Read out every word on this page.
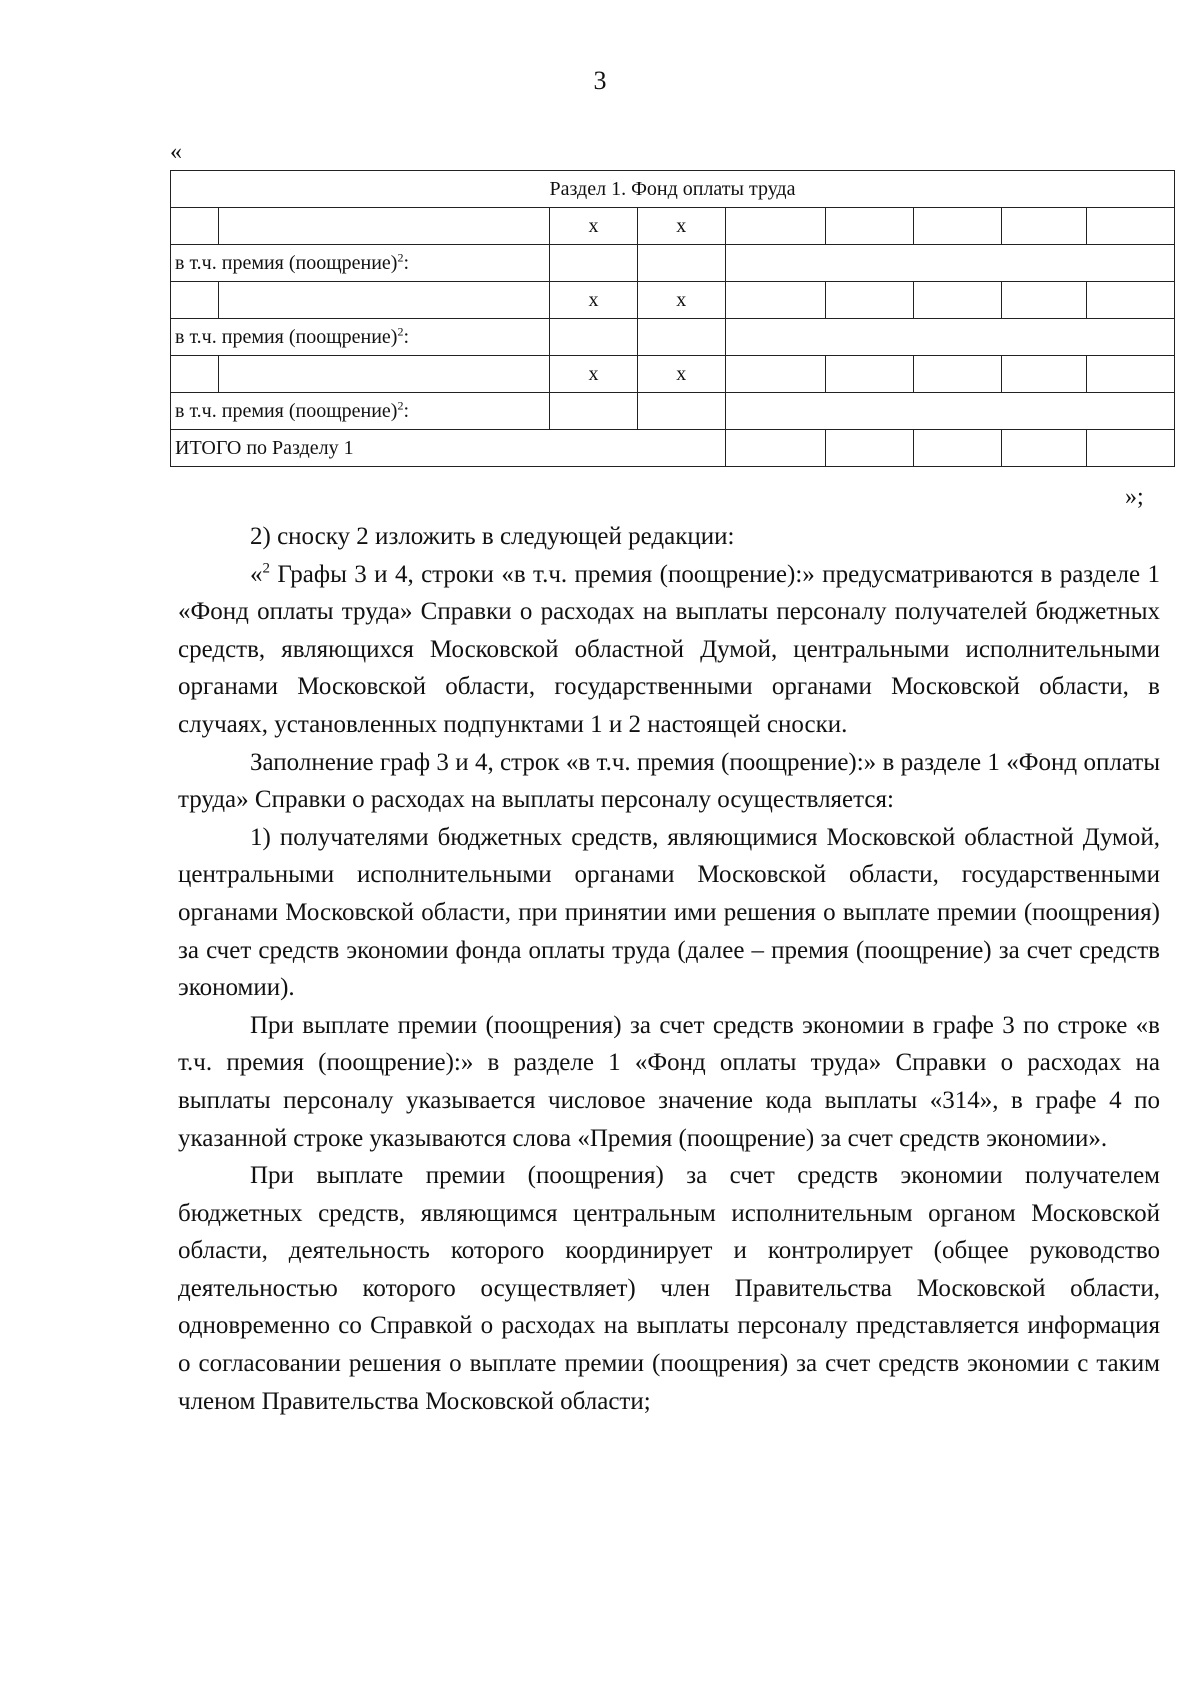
3
«
Раздел 1. Фонд оплаты труда								
		х	х					
в т.ч. премия (поощрение)$^2$:								
		х	х					
в т.ч. премия (поощрение)$^2$:								
		х	х					
в т.ч. премия (поощрение)$^2$:								
ИТОГО по Разделу 1								
»;

2) сноску 2 изложить в следующей редакции:

«$^2$ Графы 3 и 4, строки «в т.ч. премия (поощрение):» предусматриваются в разделе 1 «Фонд оплаты труда» Справки о расходах на выплаты персоналу получателей бюджетных средств, являющихся Московской областной Думой, центральными исполнительными органами Московской области, государственными органами Московской области, в случаях, установленных подпунктами 1 и 2 настоящей сноски.

Заполнение граф 3 и 4, строк «в т.ч. премия (поощрение):» в разделе 1 «Фонд оплаты труда» Справки о расходах на выплаты персоналу осуществляется:

1) получателями бюджетных средств, являющимися Московской областной Думой, центральными исполнительными органами Московской области, государственными органами Московской области, при принятии ими решения о выплате премии (поощрения) за счет средств экономии фонда оплаты труда (далее – премия (поощрение) за счет средств экономии).

При выплате премии (поощрения) за счет средств экономии в графе 3 по строке «в т.ч. премия (поощрение):» в разделе 1 «Фонд оплаты труда» Справки о расходах на выплаты персоналу указывается числовое значение кода выплаты «314», в графе 4 по указанной строке указываются слова «Премия (поощрение) за счет средств экономии».

При выплате премии (поощрения) за счет средств экономии получателем бюджетных средств, являющимся центральным исполнительным органом Московской области, деятельность которого координирует и контролирует (общее руководство деятельностью которого осуществляет) член Правительства Московской области, одновременно со Справкой о расходах на выплаты персоналу представляется информация о согласовании решения о выплате премии (поощрения) за счет средств экономии с таким членом Правительства Московской области;
